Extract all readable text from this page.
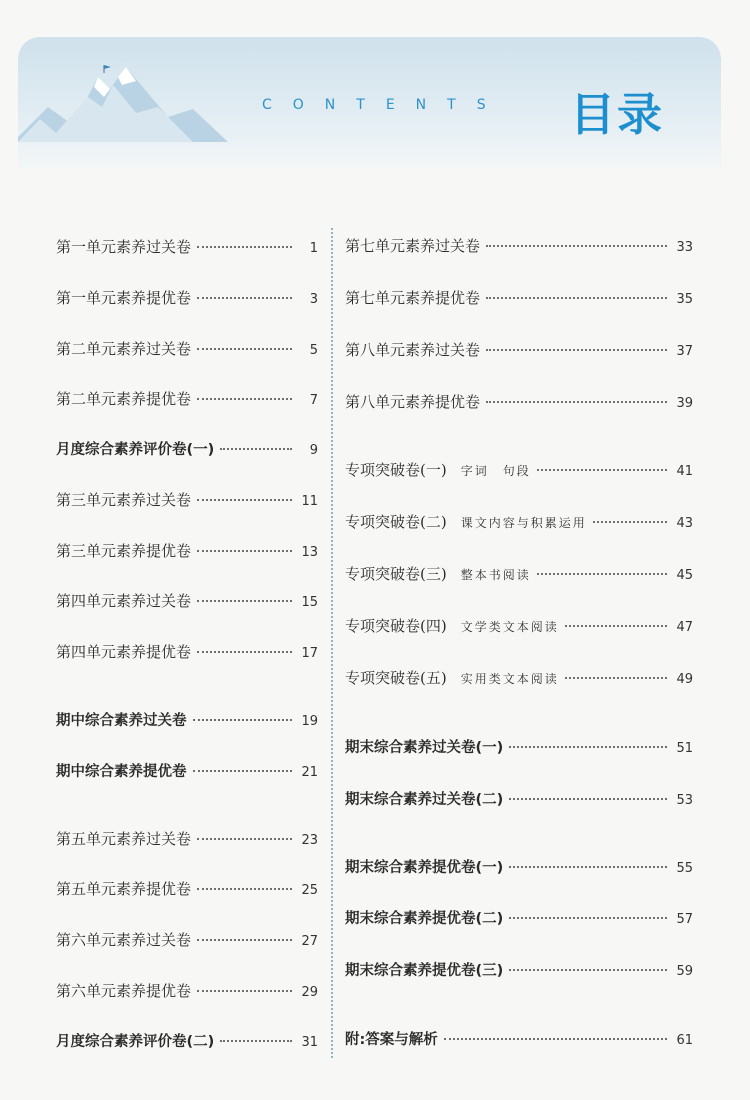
CONTENTS 目录
第一单元素养过关卷	1
第一单元素养提优卷	3
第二单元素养过关卷	5
第二单元素养提优卷	7
月度综合素养评价卷(一)	9
第三单元素养过关卷	11
第三单元素养提优卷	13
第四单元素养过关卷	15
第四单元素养提优卷	17
期中综合素养过关卷	19
期中综合素养提优卷	21
第五单元素养过关卷	23
第五单元素养提优卷	25
第六单元素养过关卷	27
第六单元素养提优卷	29
月度综合素养评价卷(二)	31
第七单元素养过关卷	33
第七单元素养提优卷	35
第八单元素养过关卷	37
第八单元素养提优卷	39
专项突破卷(一) 字词　句段	41
专项突破卷(二) 课文内容与积累运用	43
专项突破卷(三) 整本书阅读	45
专项突破卷(四) 文学类文本阅读	47
专项突破卷(五) 实用类文本阅读	49
期末综合素养过关卷(一)	51
期末综合素养过关卷(二)	53
期末综合素养提优卷(一)	55
期末综合素养提优卷(二)	57
期末综合素养提优卷(三)	59
附:答案与解析	61
